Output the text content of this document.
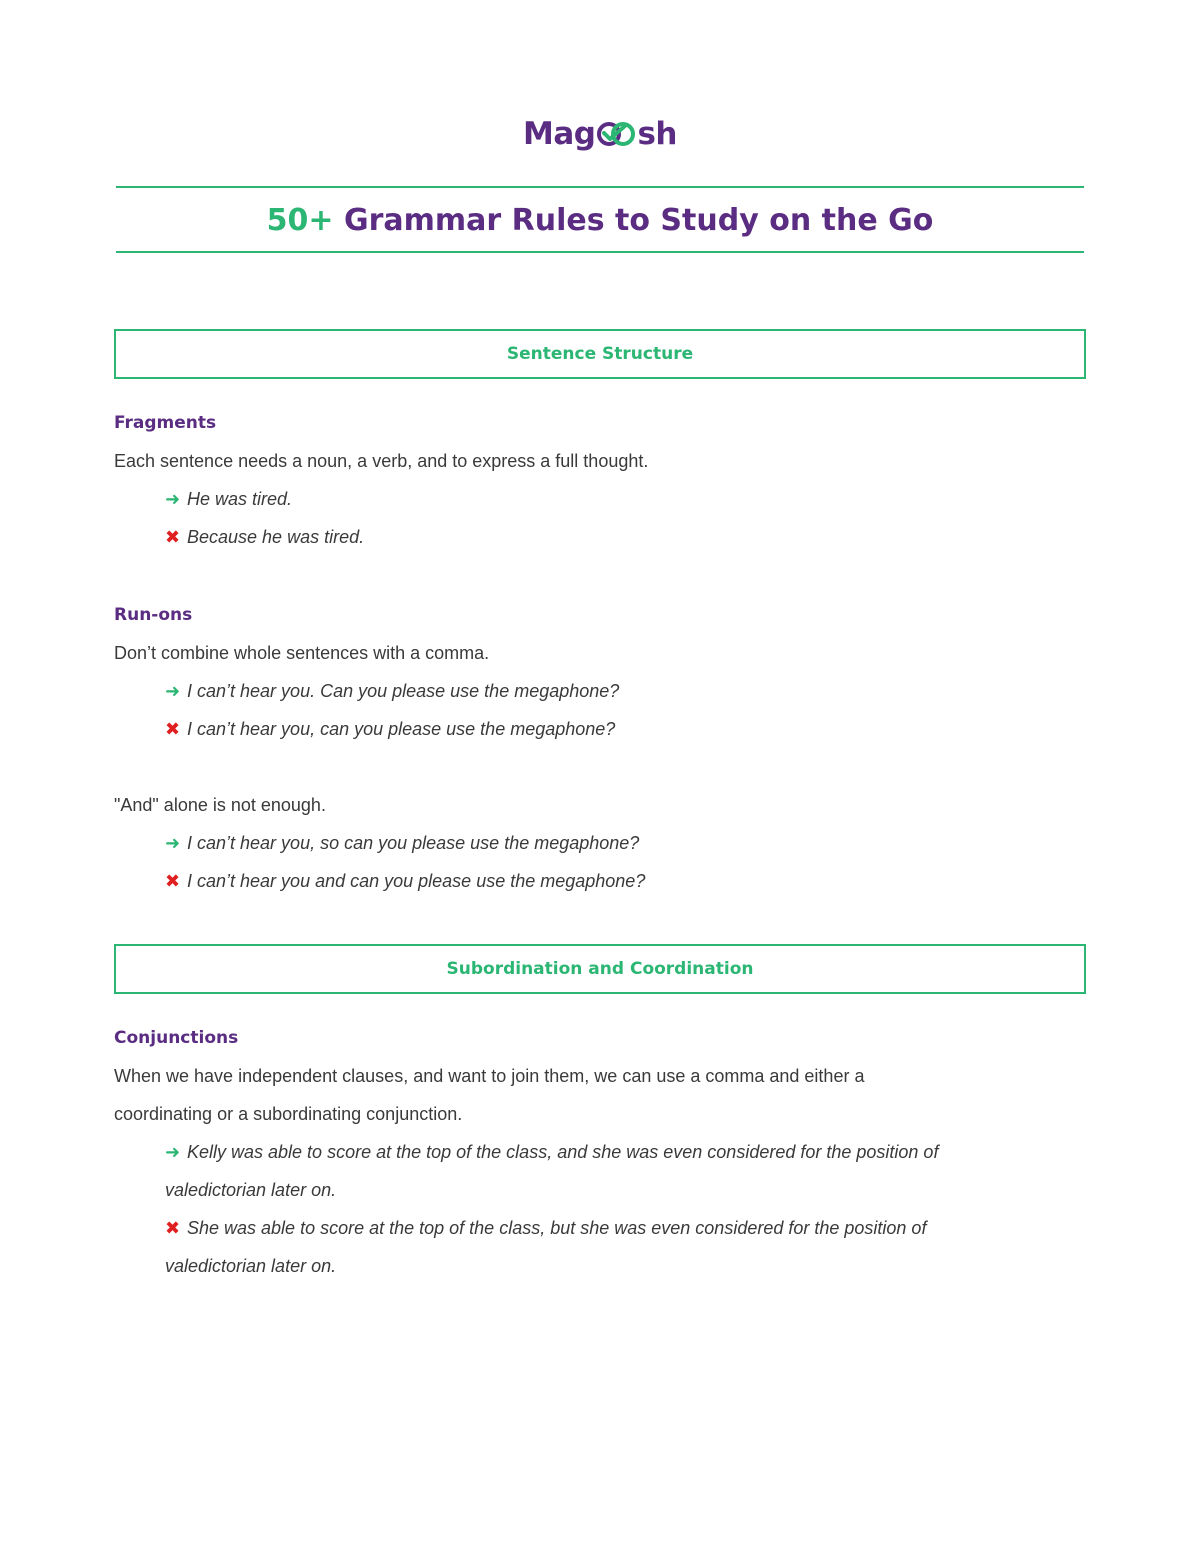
Mag sh
50+ Grammar Rules to Study on the Go
Sentence Structure
Fragments
Each sentence needs a noun, a verb, and to express a full thought.
➜ He was tired.
✖ Because he was tired.
Run-ons
Don’t combine whole sentences with a comma.
➜ I can’t hear you. Can you please use the megaphone?
✖ I can’t hear you, can you please use the megaphone?
"And" alone is not enough.
➜ I can’t hear you, so can you please use the megaphone?
✖ I can’t hear you and can you please use the megaphone?
Subordination and Coordination
Conjunctions
When we have independent clauses, and want to join them, we can use a comma and either a
coordinating or a subordinating conjunction.
➜ Kelly was able to score at the top of the class, and she was even considered for the position of
valedictorian later on.
✖ She was able to score at the top of the class, but she was even considered for the position of
valedictorian later on.
